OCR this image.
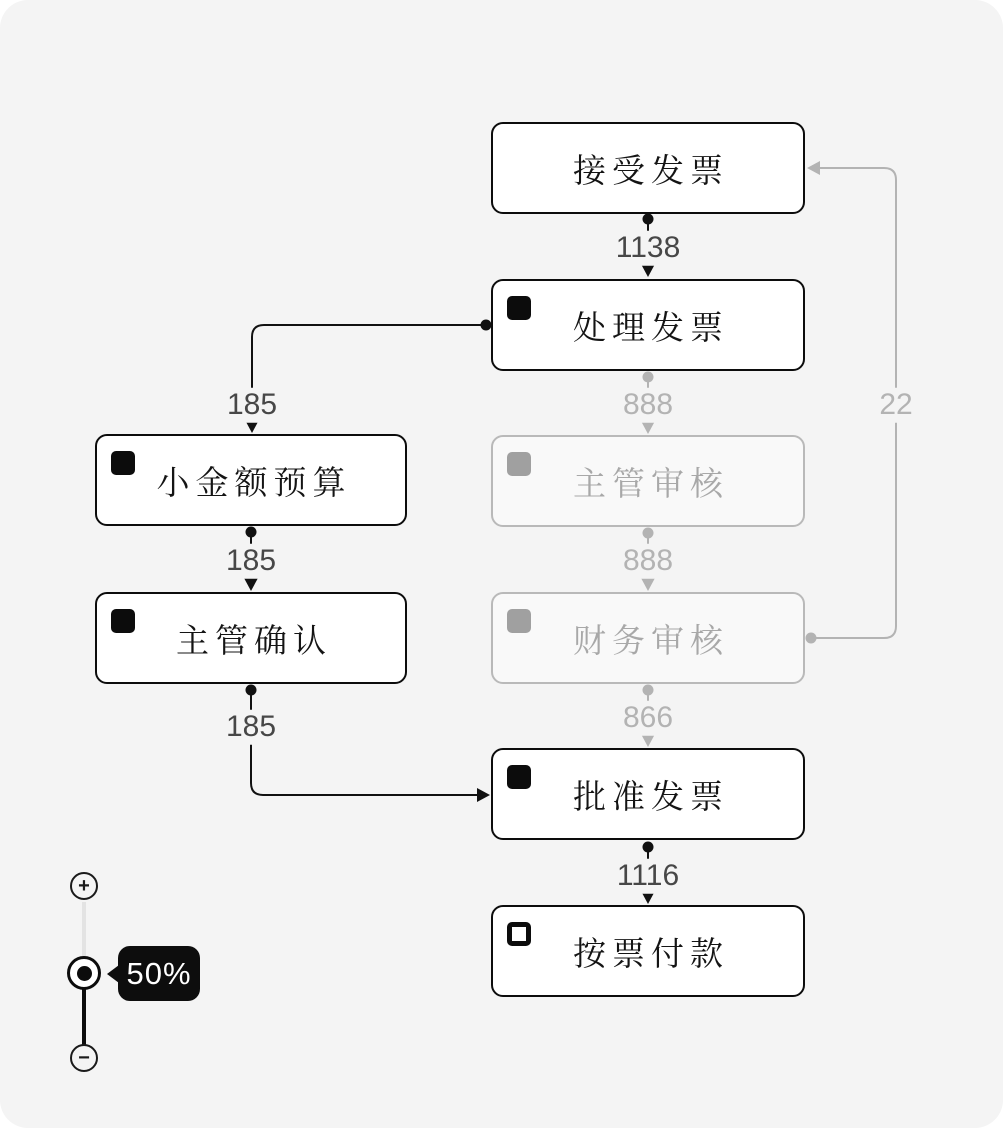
1138
888
888
866
1116
185
185
185
22
接受发票
处理发票
主管审核
财务审核
小金额预算
主管确认
批准发票
按票付款
+
−
50%
